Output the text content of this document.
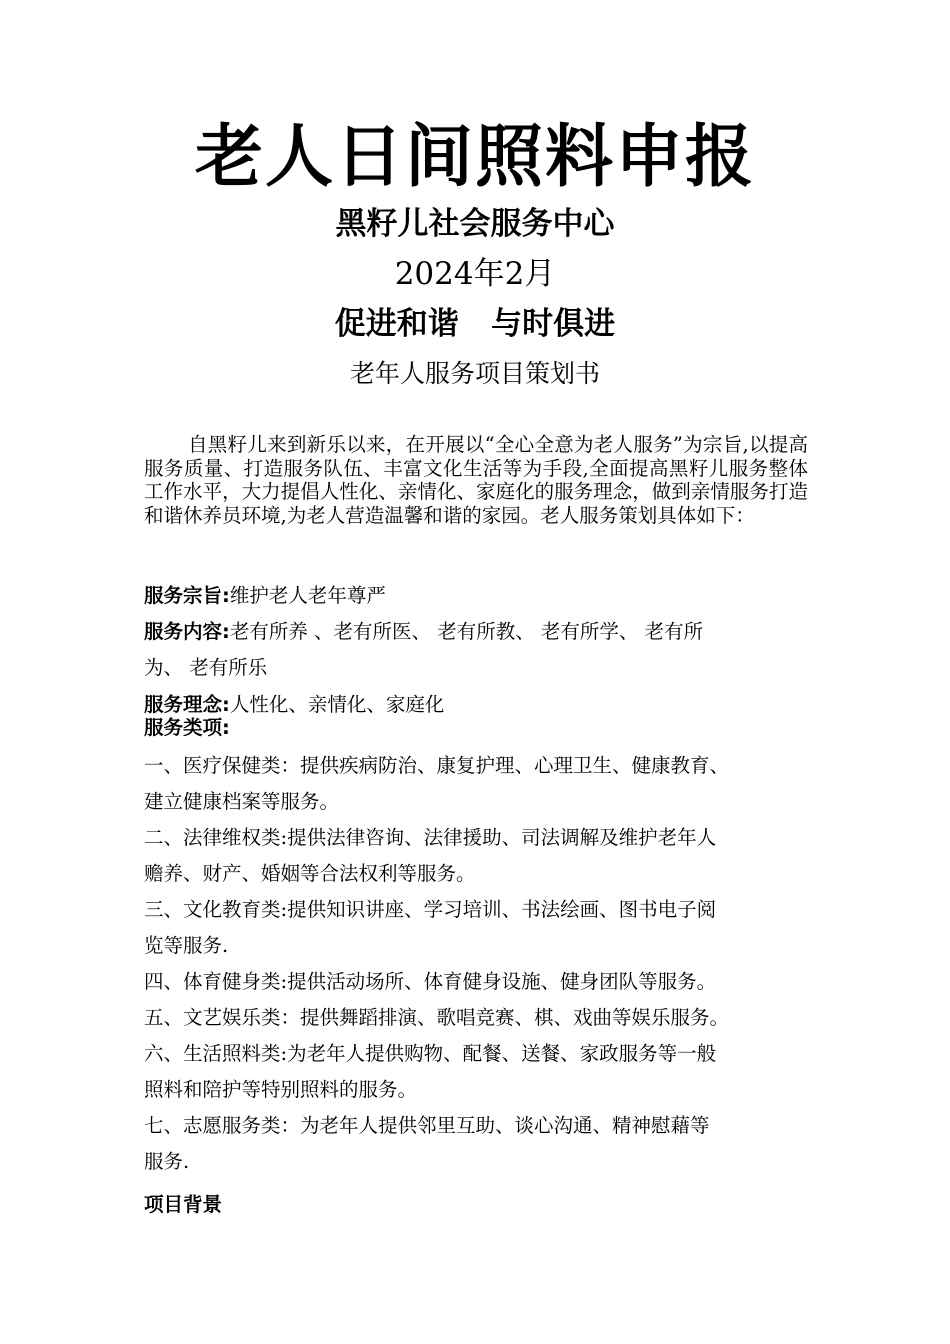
老人日间照料申报
黑籽儿社会服务中心
2024年2月
促进和谐   与时俱进
老年人服务项目策划书
自黑籽儿来到新乐以来，在开展以“全心全意为老人服务”为宗旨,以提高服务质量、打造服务队伍、丰富文化生活等为手段,全面提高黑籽儿服务整体工作水平，大力提倡人性化、亲情化、家庭化的服务理念，做到亲情服务打造和谐休养员环境,为老人营造温馨和谐的家园。老人服务策划具体如下：
服务宗旨:维护老人老年尊严
服务内容:老有所养 、老有所医、 老有所教、 老有所学、 老有所
为、 老有所乐
服务理念:人性化、亲情化、家庭化
服务类项:
一、医疗保健类：提供疾病防治、康复护理、心理卫生、健康教育、
建立健康档案等服务。
二、法律维权类:提供法律咨询、法律援助、司法调解及维护老年人
赡养、财产、婚姻等合法权利等服务。
三、文化教育类:提供知识讲座、学习培训、书法绘画、图书电子阅
览等服务.
四、体育健身类:提供活动场所、体育健身设施、健身团队等服务。
五、文艺娱乐类：提供舞蹈排演、歌唱竞赛、棋、戏曲等娱乐服务。
六、生活照料类:为老年人提供购物、配餐、送餐、家政服务等一般
照料和陪护等特别照料的服务。
七、志愿服务类：为老年人提供邻里互助、谈心沟通、精神慰藉等
服务.
项目背景
